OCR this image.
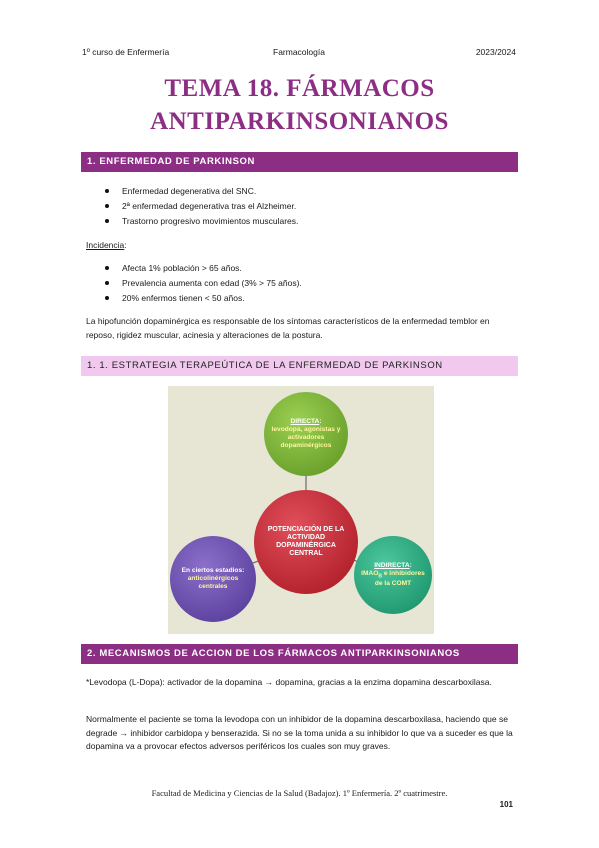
1º curso de Enfermería	Farmacología	2023/2024
TEMA 18. FÁRMACOS
ANTIPARKINSONIANOS
1. ENFERMEDAD DE PARKINSON
Enfermedad degenerativa del SNC.
2ª enfermedad degenerativa tras el Alzheimer.
Trastorno progresivo movimientos musculares.
Incidencia:
Afecta 1% población > 65 años.
Prevalencia aumenta con edad (3% > 75 años).
20% enfermos tienen < 50 años.
La hipofunción dopaminérgica es responsable de los síntomas característicos de la enfermedad temblor en reposo, rigidez muscular, acinesia y alteraciones de la postura.
1. 1. ESTRATEGIA TERAPEÚTICA DE LA ENFERMEDAD DE PARKINSON
DIRECTA:
levodopa, agonistas y activadores dopaminérgicos
POTENCIACIÓN DE LA ACTIVIDAD DOPAMINÉRGICA CENTRAL
En ciertos estadios:
anticolinérgicos centrales
INDIRECTA:
$IMAO_B$ e inhibidores de la COMT
2. MECANISMOS DE ACCION DE LOS FÁRMACOS ANTIPARKINSONIANOS
*Levodopa (L-Dopa): activador de la dopamina → dopamina, gracias a la enzima dopamina descarboxilasa.
Normalmente el paciente se toma la levodopa con un inhibidor de la dopamina descarboxilasa, haciendo que se degrade → inhibidor carbidopa y benserazida. Si no se la toma unida a su inhibidor lo que va a suceder es que la dopamina va a provocar efectos adversos periféricos los cuales son muy graves.
Facultad de Medicina y Ciencias de la Salud (Badajoz). 1º Enfermería. 2º cuatrimestre.
101
